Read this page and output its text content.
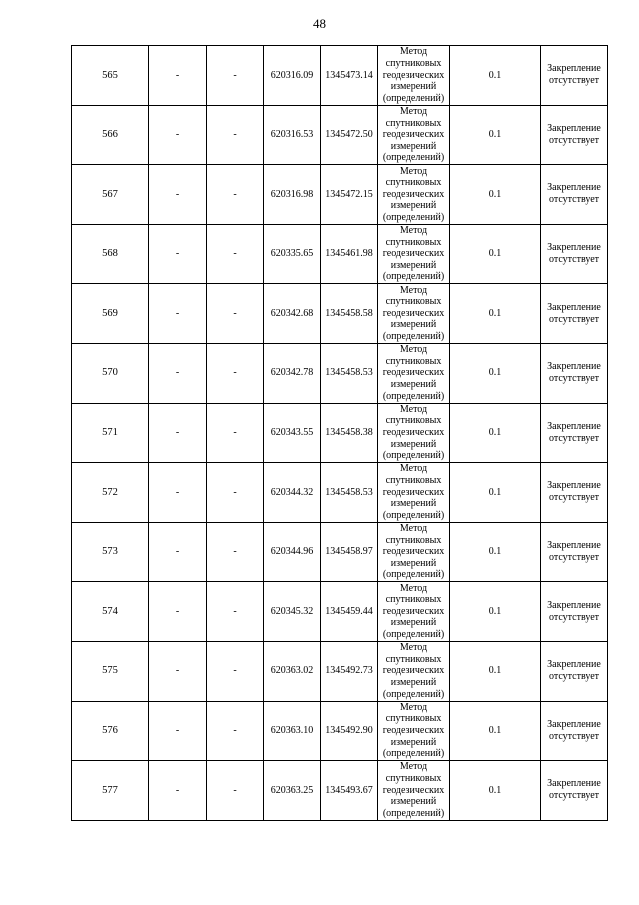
48
565	-	-	620316.09	1345473.14	Метод
спутниковых
геодезических
измерений
(определений)	0.1	Закрепление
отсутствует
566	-	-	620316.53	1345472.50	Метод
спутниковых
геодезических
измерений
(определений)	0.1	Закрепление
отсутствует
567	-	-	620316.98	1345472.15	Метод
спутниковых
геодезических
измерений
(определений)	0.1	Закрепление
отсутствует
568	-	-	620335.65	1345461.98	Метод
спутниковых
геодезических
измерений
(определений)	0.1	Закрепление
отсутствует
569	-	-	620342.68	1345458.58	Метод
спутниковых
геодезических
измерений
(определений)	0.1	Закрепление
отсутствует
570	-	-	620342.78	1345458.53	Метод
спутниковых
геодезических
измерений
(определений)	0.1	Закрепление
отсутствует
571	-	-	620343.55	1345458.38	Метод
спутниковых
геодезических
измерений
(определений)	0.1	Закрепление
отсутствует
572	-	-	620344.32	1345458.53	Метод
спутниковых
геодезических
измерений
(определений)	0.1	Закрепление
отсутствует
573	-	-	620344.96	1345458.97	Метод
спутниковых
геодезических
измерений
(определений)	0.1	Закрепление
отсутствует
574	-	-	620345.32	1345459.44	Метод
спутниковых
геодезических
измерений
(определений)	0.1	Закрепление
отсутствует
575	-	-	620363.02	1345492.73	Метод
спутниковых
геодезических
измерений
(определений)	0.1	Закрепление
отсутствует
576	-	-	620363.10	1345492.90	Метод
спутниковых
геодезических
измерений
(определений)	0.1	Закрепление
отсутствует
577	-	-	620363.25	1345493.67	Метод
спутниковых
геодезических
измерений
(определений)	0.1	Закрепление
отсутствует
